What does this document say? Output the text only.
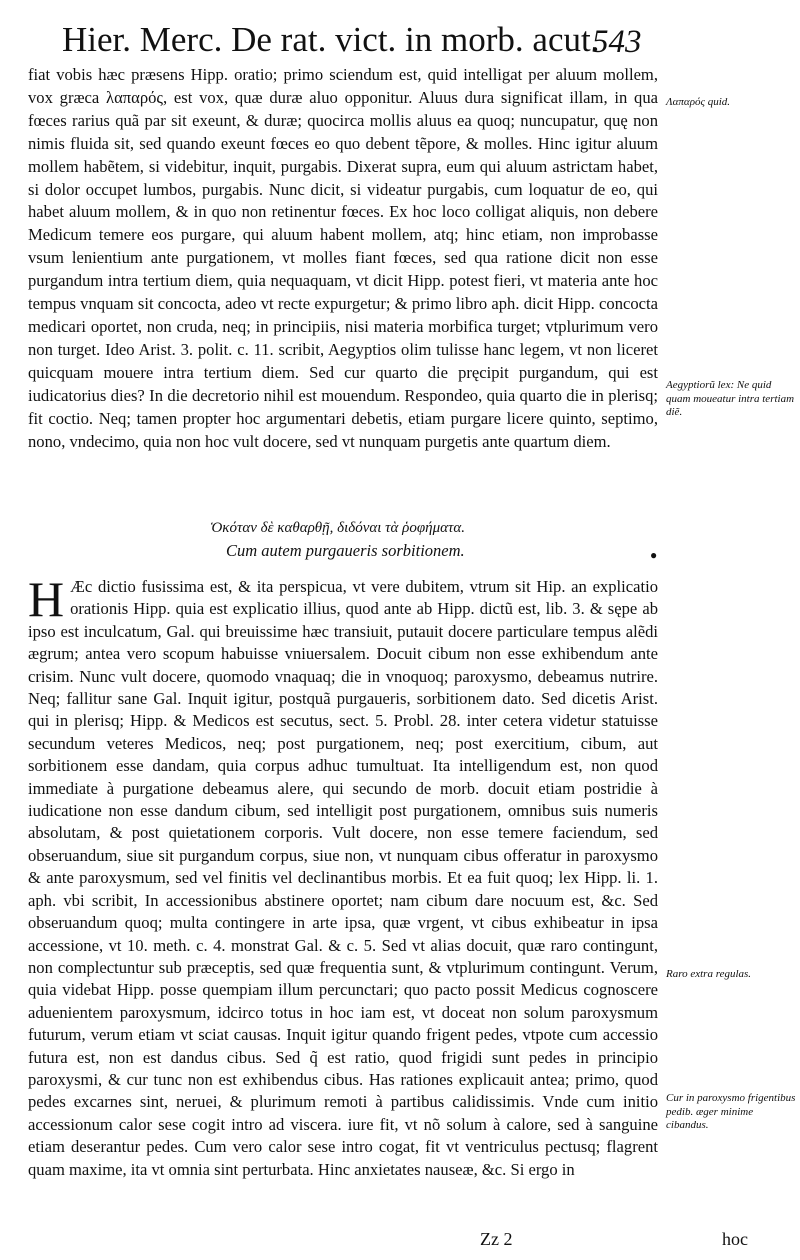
Hier. Merc. De rat. vict. in morb. acut.
543

fiat vobis hæc præsens Hipp. oratio; primo sciendum est, quid intelligat per aluum mollem, vox græca λαπαρός, est vox, quæ duræ aluo opponitur. Aluus dura significat illam, in qua fœces rarius quã par sit exeunt, & duræ; quocirca mollis aluus ea quoq; nuncupatur, quę non nimis fluida sit, sed quando exeunt fœces eo quo debent tẽpore, & molles. Hinc igitur aluum mollem habẽtem, si videbitur, inquit, purgabis. Dixerat supra, eum qui aluum astrictam habet, si dolor occupet lumbos, purgabis. Nunc dicit, si videatur purgabis, cum loquatur de eo, qui habet aluum mollem, & in quo non retinentur fœces. Ex hoc loco colligat aliquis, non debere Medicum temere eos purgare, qui aluum habent mollem, atq; hinc etiam, non improbasse vsum lenientium ante purgationem, vt molles fiant fœces, sed qua ratione dicit non esse purgandum intra tertium diem, quia nequaquam, vt dicit Hipp. potest fieri, vt materia ante hoc tempus vnquam sit concocta, adeo vt recte expurgetur; & primo libro aph. dicit Hipp. concocta medicari oportet, non cruda, neq; in principiis, nisi materia morbifica turget; vtplurimum vero non turget. Ideo Arist. 3. polit. c. 11. scribit, Aegyptios olim tulisse hanc legem, vt non liceret quicquam mouere intra tertium diem. Sed cur quarto die pręcipit purgandum, qui est iudicatorius dies? In die decretorio nihil est mouendum. Respondeo, quia quarto die in plerisq; fit coctio. Neq; tamen propter hoc argumentari debetis, etiam purgare licere quinto, septimo, nono, vndecimo, quia non hoc vult docere, sed vt nunquam purgetis ante quartum diem.

Ὁκόταν δὲ καθαρθῇ, διδόναι τὰ ῥοφήματα.
Cum autem purgaueris sorbitionem.	●
H Æc dictio fusissima est, & ita perspicua, vt vere dubitem, vtrum sit Hip. an explicatio orationis Hipp. quia est explicatio illius, quod ante ab Hipp. dictũ est, lib. 3. & sępe ab ipso est inculcatum, Gal. qui breuissime hæc transiuit, putauit docere particulare tempus alẽdi ægrum; antea vero scopum habuisse vniuersalem. Docuit cibum non esse exhibendum ante crisim. Nunc vult docere, quomodo vnaquaq; die in vnoquoq; paroxysmo, debeamus nutrire. Neq; fallitur sane Gal. Inquit igitur, postquã purgaueris, sorbitionem dato. Sed dicetis Arist. qui in plerisq; Hipp. & Medicos est secutus, sect. 5. Probl. 28. inter cetera videtur statuisse secundum veteres Medicos, neq; post purgationem, neq; post exercitium, cibum, aut sorbitionem esse dandam, quia corpus adhuc tumultuat. Ita intelligendum est, non quod immediate à purgatione debeamus alere, qui secundo de morb. docuit etiam postridie à iudicatione non esse dandum cibum, sed intelligit post purgationem, omnibus suis numeris absolutam, & post quietationem corporis. Vult docere, non esse temere faciendum, sed obseruandum, siue sit purgandum corpus, siue non, vt nunquam cibus offeratur in paroxysmo & ante paroxysmum, sed vel finitis vel declinantibus morbis. Et ea fuit quoq; lex Hipp. li. 1. aph. vbi scribit, In accessionibus abstinere oportet; nam cibum dare nocuum est, &c. Sed obseruandum quoq; multa contingere in arte ipsa, quæ vrgent, vt cibus exhibeatur in ipsa accessione, vt 10. meth. c. 4. monstrat Gal. & c. 5. Sed vt alias docuit, quæ raro contingunt, non complectuntur sub præceptis, sed quæ frequentia sunt, & vtplurimum contingunt. Verum, quia videbat Hipp. posse quempiam illum percunctari; quo pacto possit Medicus cognoscere aduenientem paroxysmum, idcirco totus in hoc iam est, vt doceat non solum paroxysmum futurum, verum etiam vt sciat causas. Inquit igitur quando frigent pedes, vtpote cum accessio futura est, non est dandus cibus. Sed q̃ est ratio, quod frigidi sunt pedes in principio paroxysmi, & cur tunc non est exhibendus cibus. Has rationes explicauit antea; primo, quod pedes excarnes sint, neruei, & plurimum remoti à partibus calidissimis. Vnde cum initio accessionum calor sese cogit intro ad viscera. iure fit, vt nõ solum à calore, sed à sanguine etiam deserantur pedes. Cum vero calor sese intro cogat, fit vt ventriculus pectusq; flagrent quam maxime, ita vt omnia sint perturbata. Hinc anxietates nauseæ, &c. Si ergo in

Λαπαρός quid.
Aegyptiorũ lex: Ne quid quam moueatur intra tertiam diẽ.
Raro extra regulas.
Cur in paroxysmo frigentibus pedib. æger minime cibandus.
Zz 2	hoc
